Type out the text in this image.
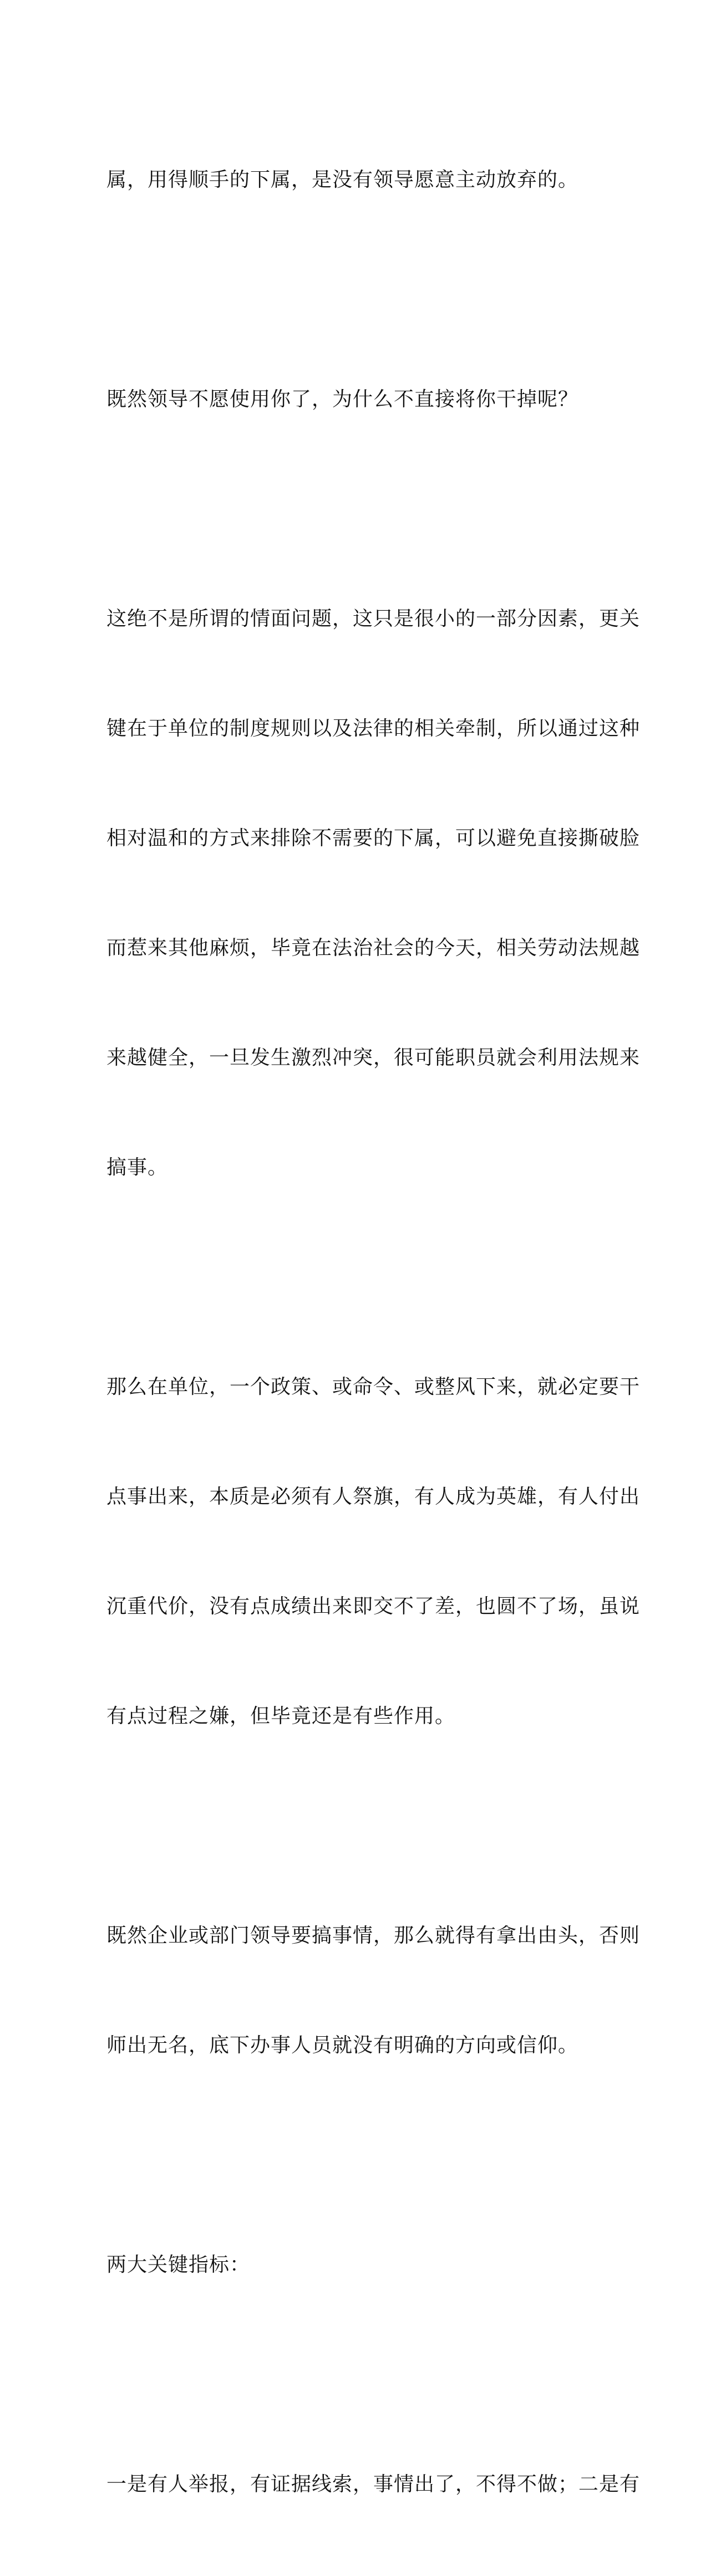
属，用得顺手的下属，是没有领导愿意主动放弃的。

既然领导不愿使用你了，为什么不直接将你干掉呢？

这绝不是所谓的情面问题，这只是很小的一部分因素，更关

键在于单位的制度规则以及法律的相关牵制，所以通过这种

相对温和的方式来排除不需要的下属，可以避免直接撕破脸

而惹来其他麻烦，毕竟在法治社会的今天，相关劳动法规越

来越健全，一旦发生激烈冲突，很可能职员就会利用法规来

搞事。

那么在单位，一个政策、或命令、或整风下来，就必定要干

点事出来，本质是必须有人祭旗，有人成为英雄，有人付出

沉重代价，没有点成绩出来即交不了差，也圆不了场，虽说

有点过程之嫌，但毕竟还是有些作用。

既然企业或部门领导要搞事情，那么就得有拿出由头，否则

师出无名，底下办事人员就没有明确的方向或信仰。

两大关键指标：

一是有人举报，有证据线索，事情出了，不得不做；二是有
